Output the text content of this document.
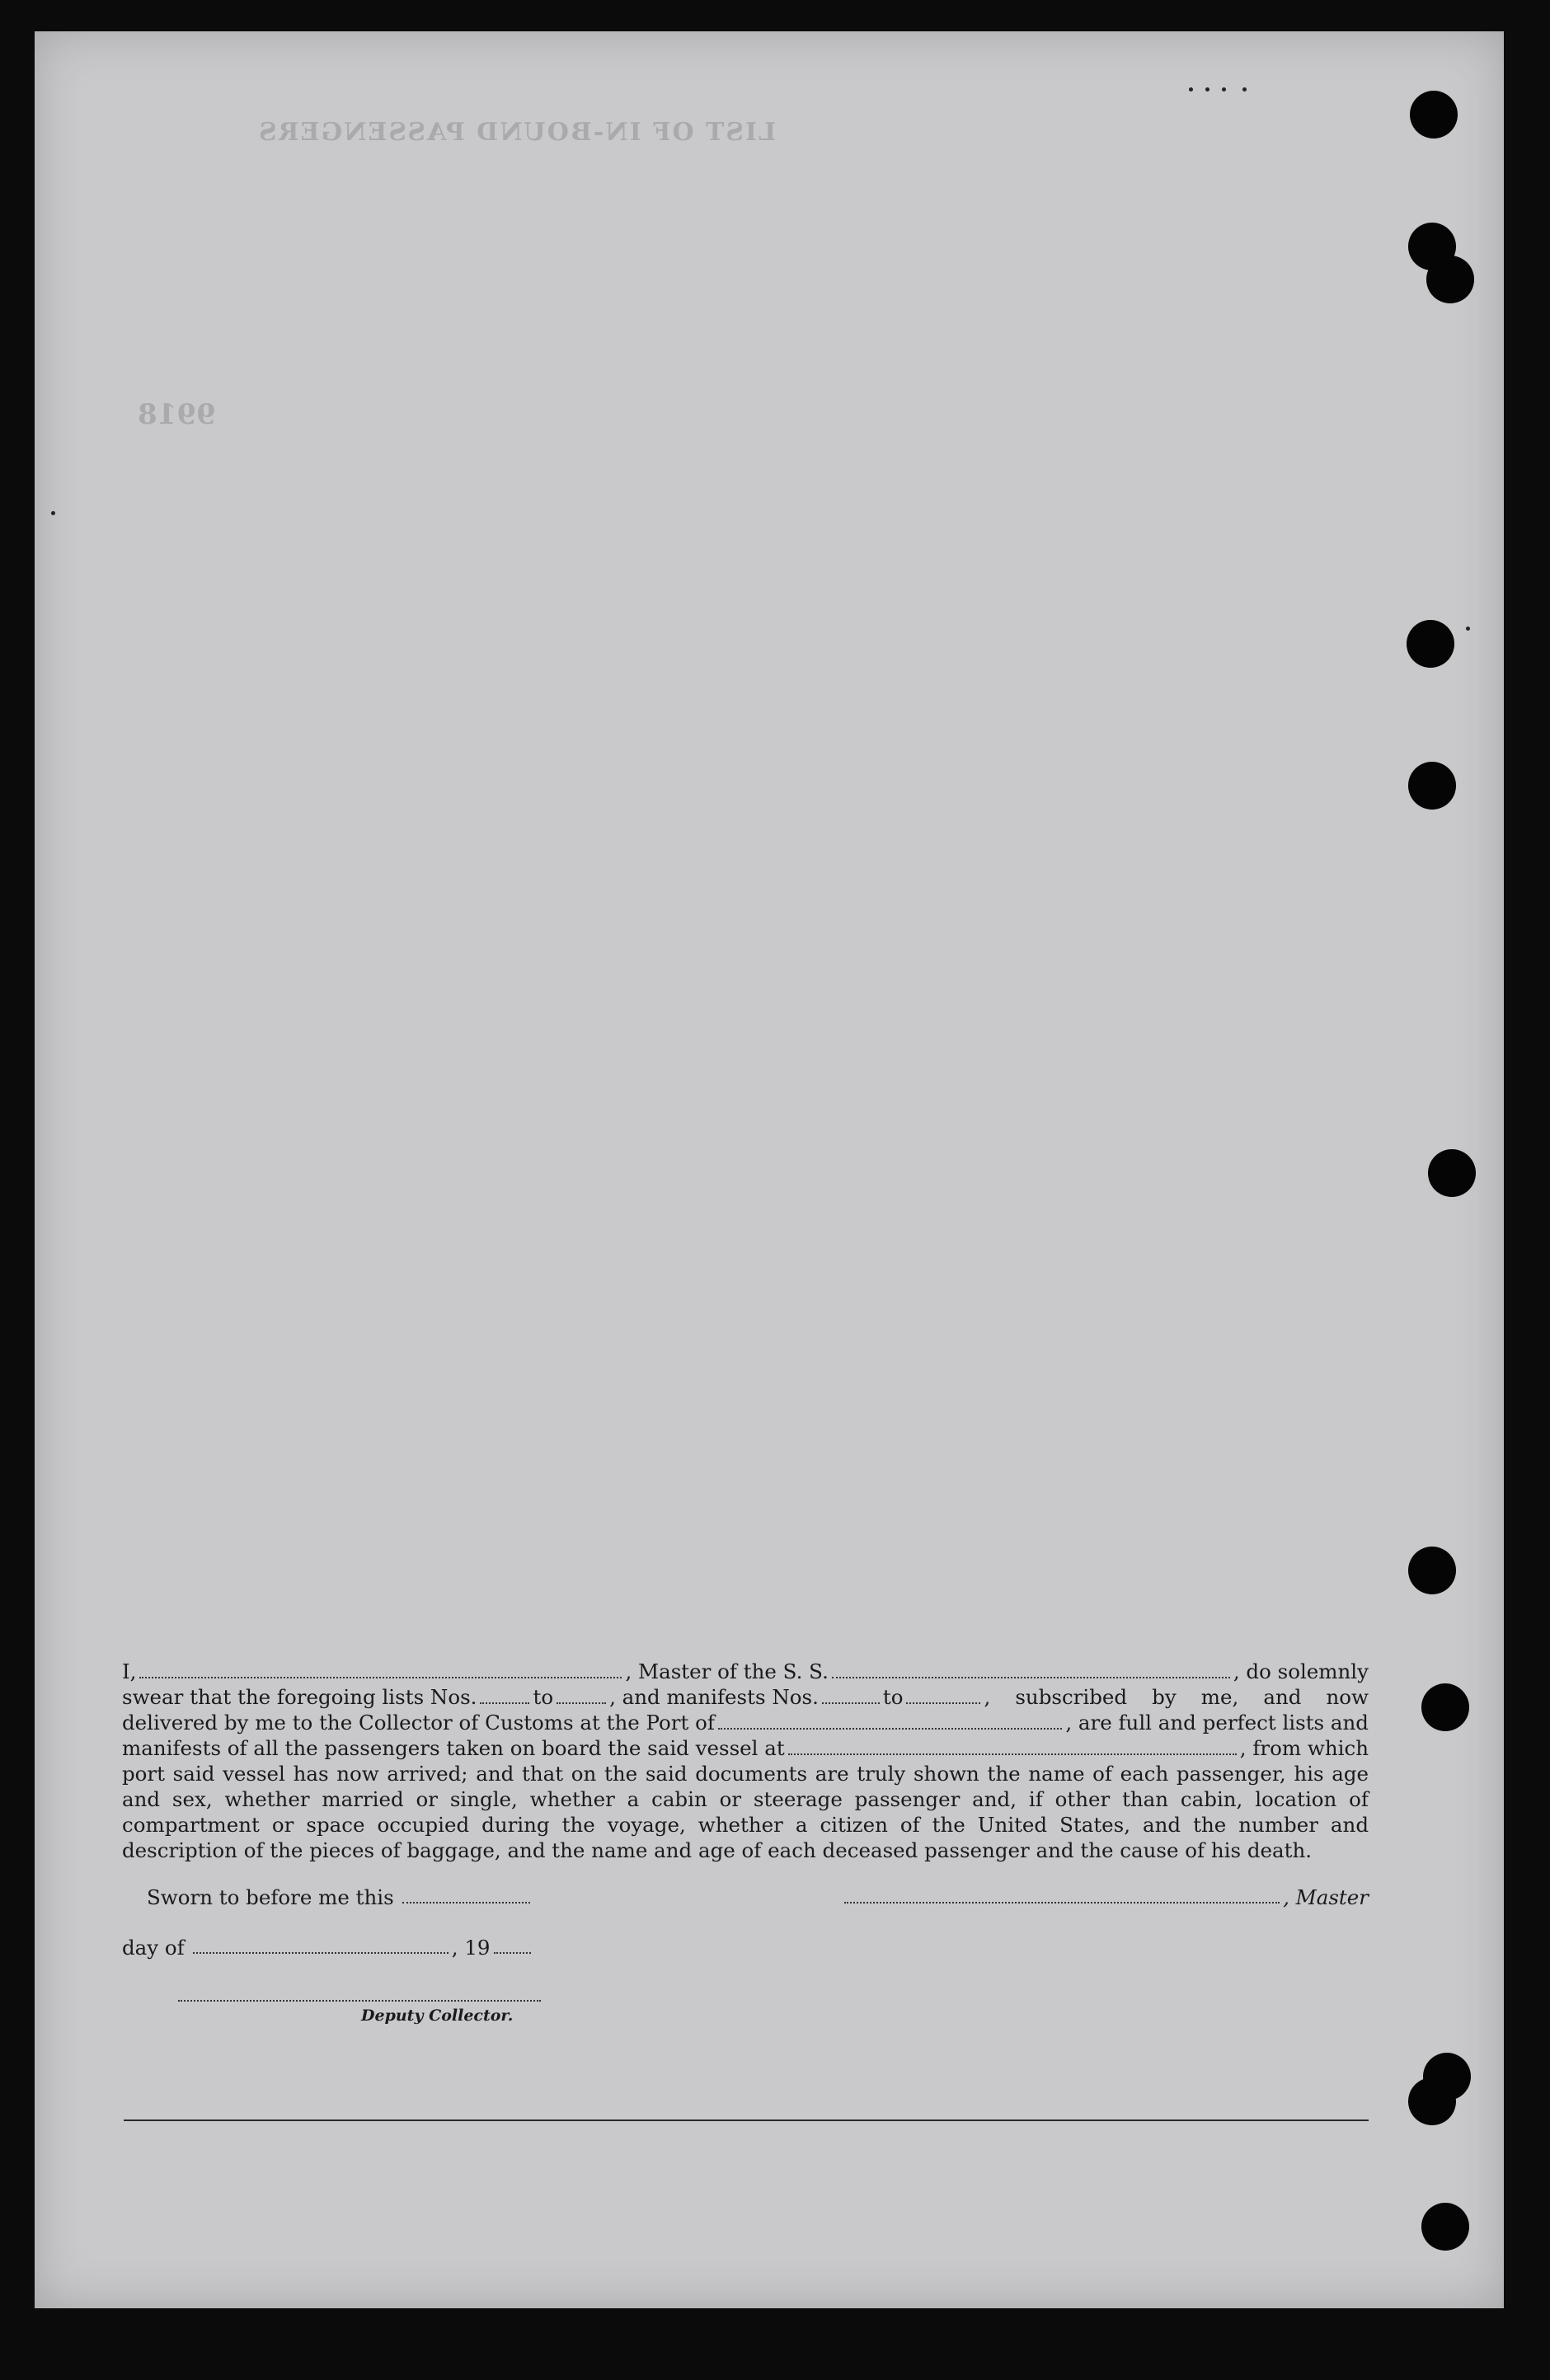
LIST OF IN-BOUND PASSENGERS
9918
I,	, Master of the S. S.	, do solemnly
swear that the foregoing lists Nos.	to	, and manifests Nos.	to	, subscribed by me, and now
delivered by me to the Collector of Customs at the Port of	, are full and perfect lists and
manifests of all the passengers taken on board the said vessel at	, from which
port said vessel has now arrived; and that on the said documents are truly shown the name of each passenger, his age and sex, whether married or single, whether a cabin or steerage passenger and, if other than cabin, location of compartment or space occupied during the voyage, whether a citizen of the United States, and the number and description of the pieces of baggage, and the name and age of each deceased passenger and the cause of his death.
Sworn to before me this	, Master
day of	, 19
Deputy Collector.
